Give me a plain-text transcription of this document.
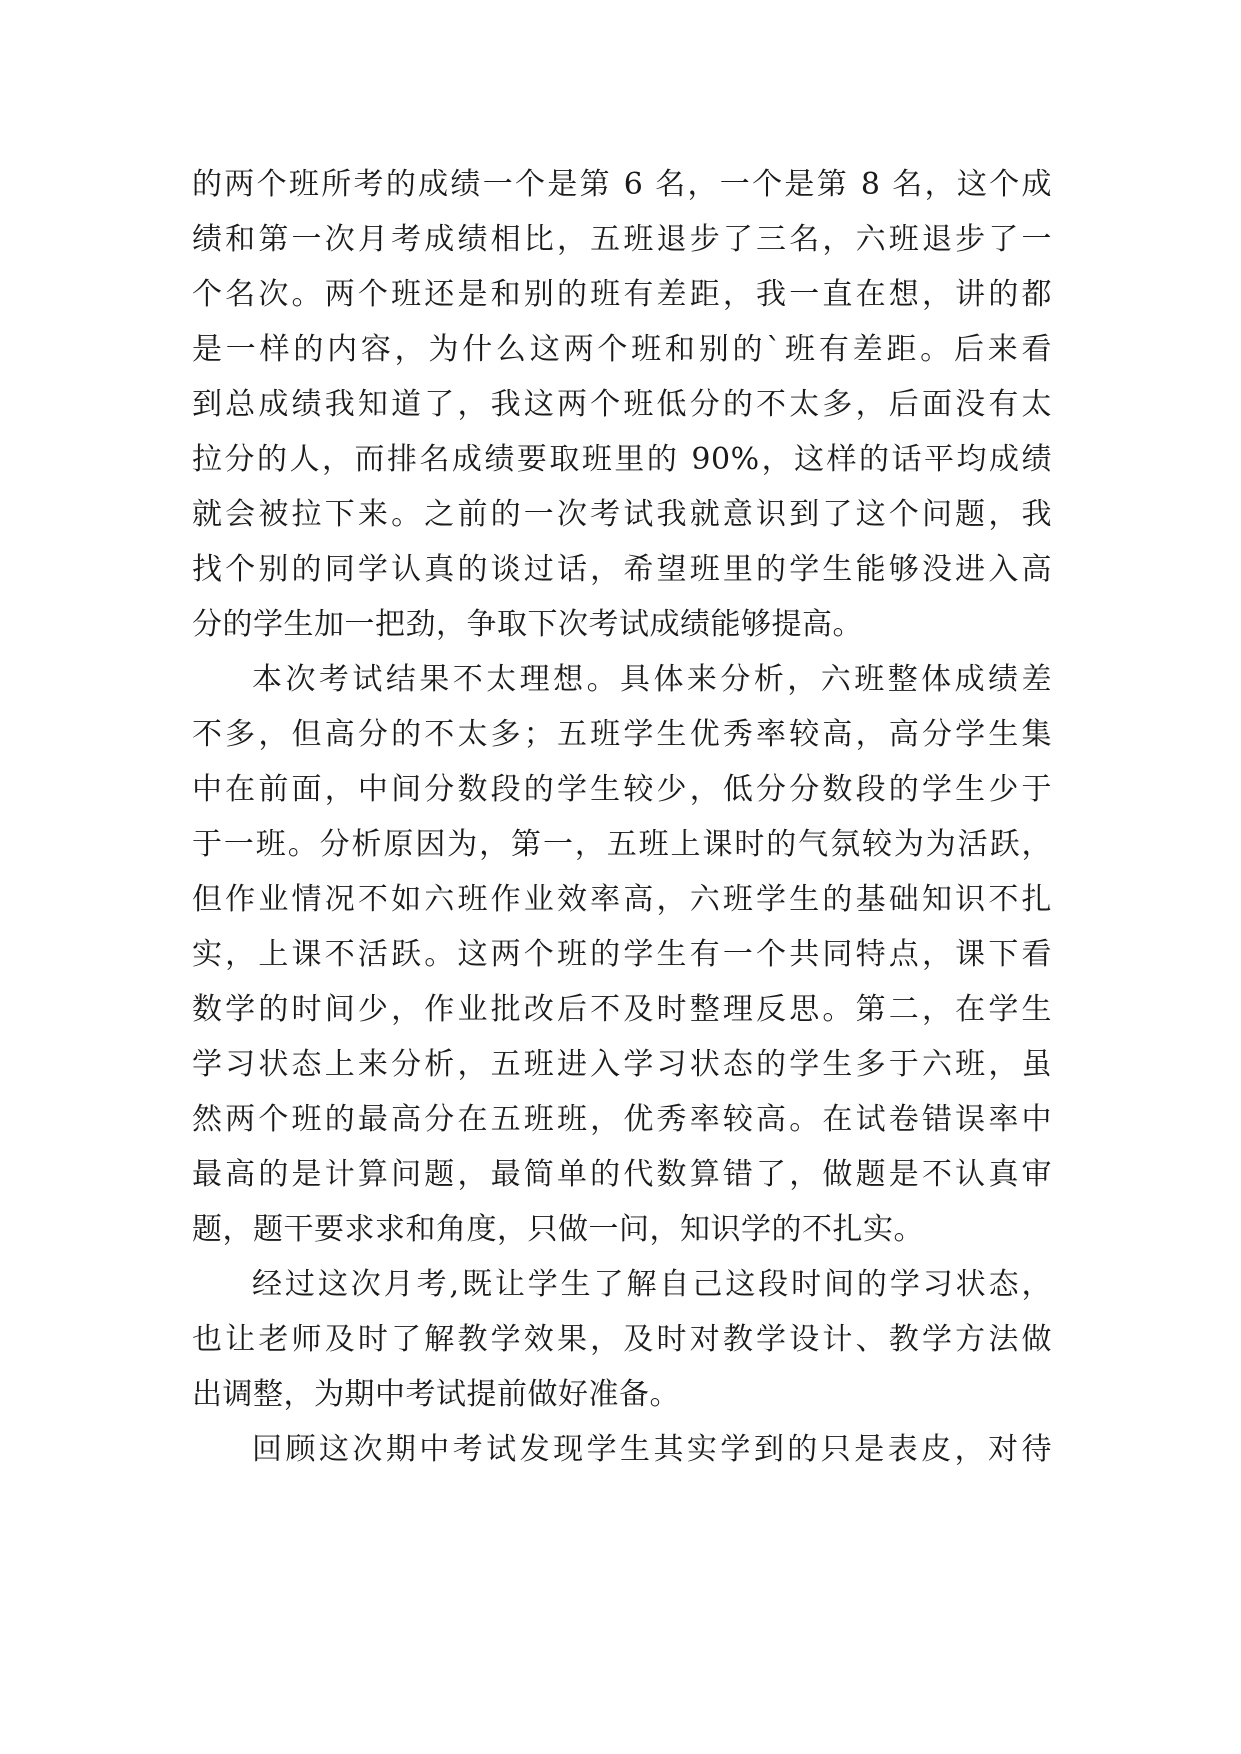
的两个班所考的成绩一个是第 6 名，一个是第 8 名，这个成
绩和第一次月考成绩相比，五班退步了三名，六班退步了一
个名次。两个班还是和别的班有差距，我一直在想，讲的都
是一样的内容，为什么这两个班和别的`班有差距。后来看
到总成绩我知道了，我这两个班低分的不太多，后面没有太
拉分的人，而排名成绩要取班里的 90%，这样的话平均成绩
就会被拉下来。之前的一次考试我就意识到了这个问题，我
找个别的同学认真的谈过话，希望班里的学生能够没进入高
分的学生加一把劲，争取下次考试成绩能够提高。
本次考试结果不太理想。具体来分析，六班整体成绩差
不多，但高分的不太多；五班学生优秀率较高，高分学生集
中在前面，中间分数段的学生较少，低分分数段的学生少于
于一班。分析原因为，第一，五班上课时的气氛较为为活跃，
但作业情况不如六班作业效率高，六班学生的基础知识不扎
实，上课不活跃。这两个班的学生有一个共同特点，课下看
数学的时间少，作业批改后不及时整理反思。第二，在学生
学习状态上来分析，五班进入学习状态的学生多于六班，虽
然两个班的最高分在五班班，优秀率较高。在试卷错误率中
最高的是计算问题，最简单的代数算错了，做题是不认真审
题，题干要求求和角度，只做一问，知识学的不扎实。
经过这次月考,既让学生了解自己这段时间的学习状态，
也让老师及时了解教学效果，及时对教学设计、教学方法做
出调整，为期中考试提前做好准备。
回顾这次期中考试发现学生其实学到的只是表皮，对待
